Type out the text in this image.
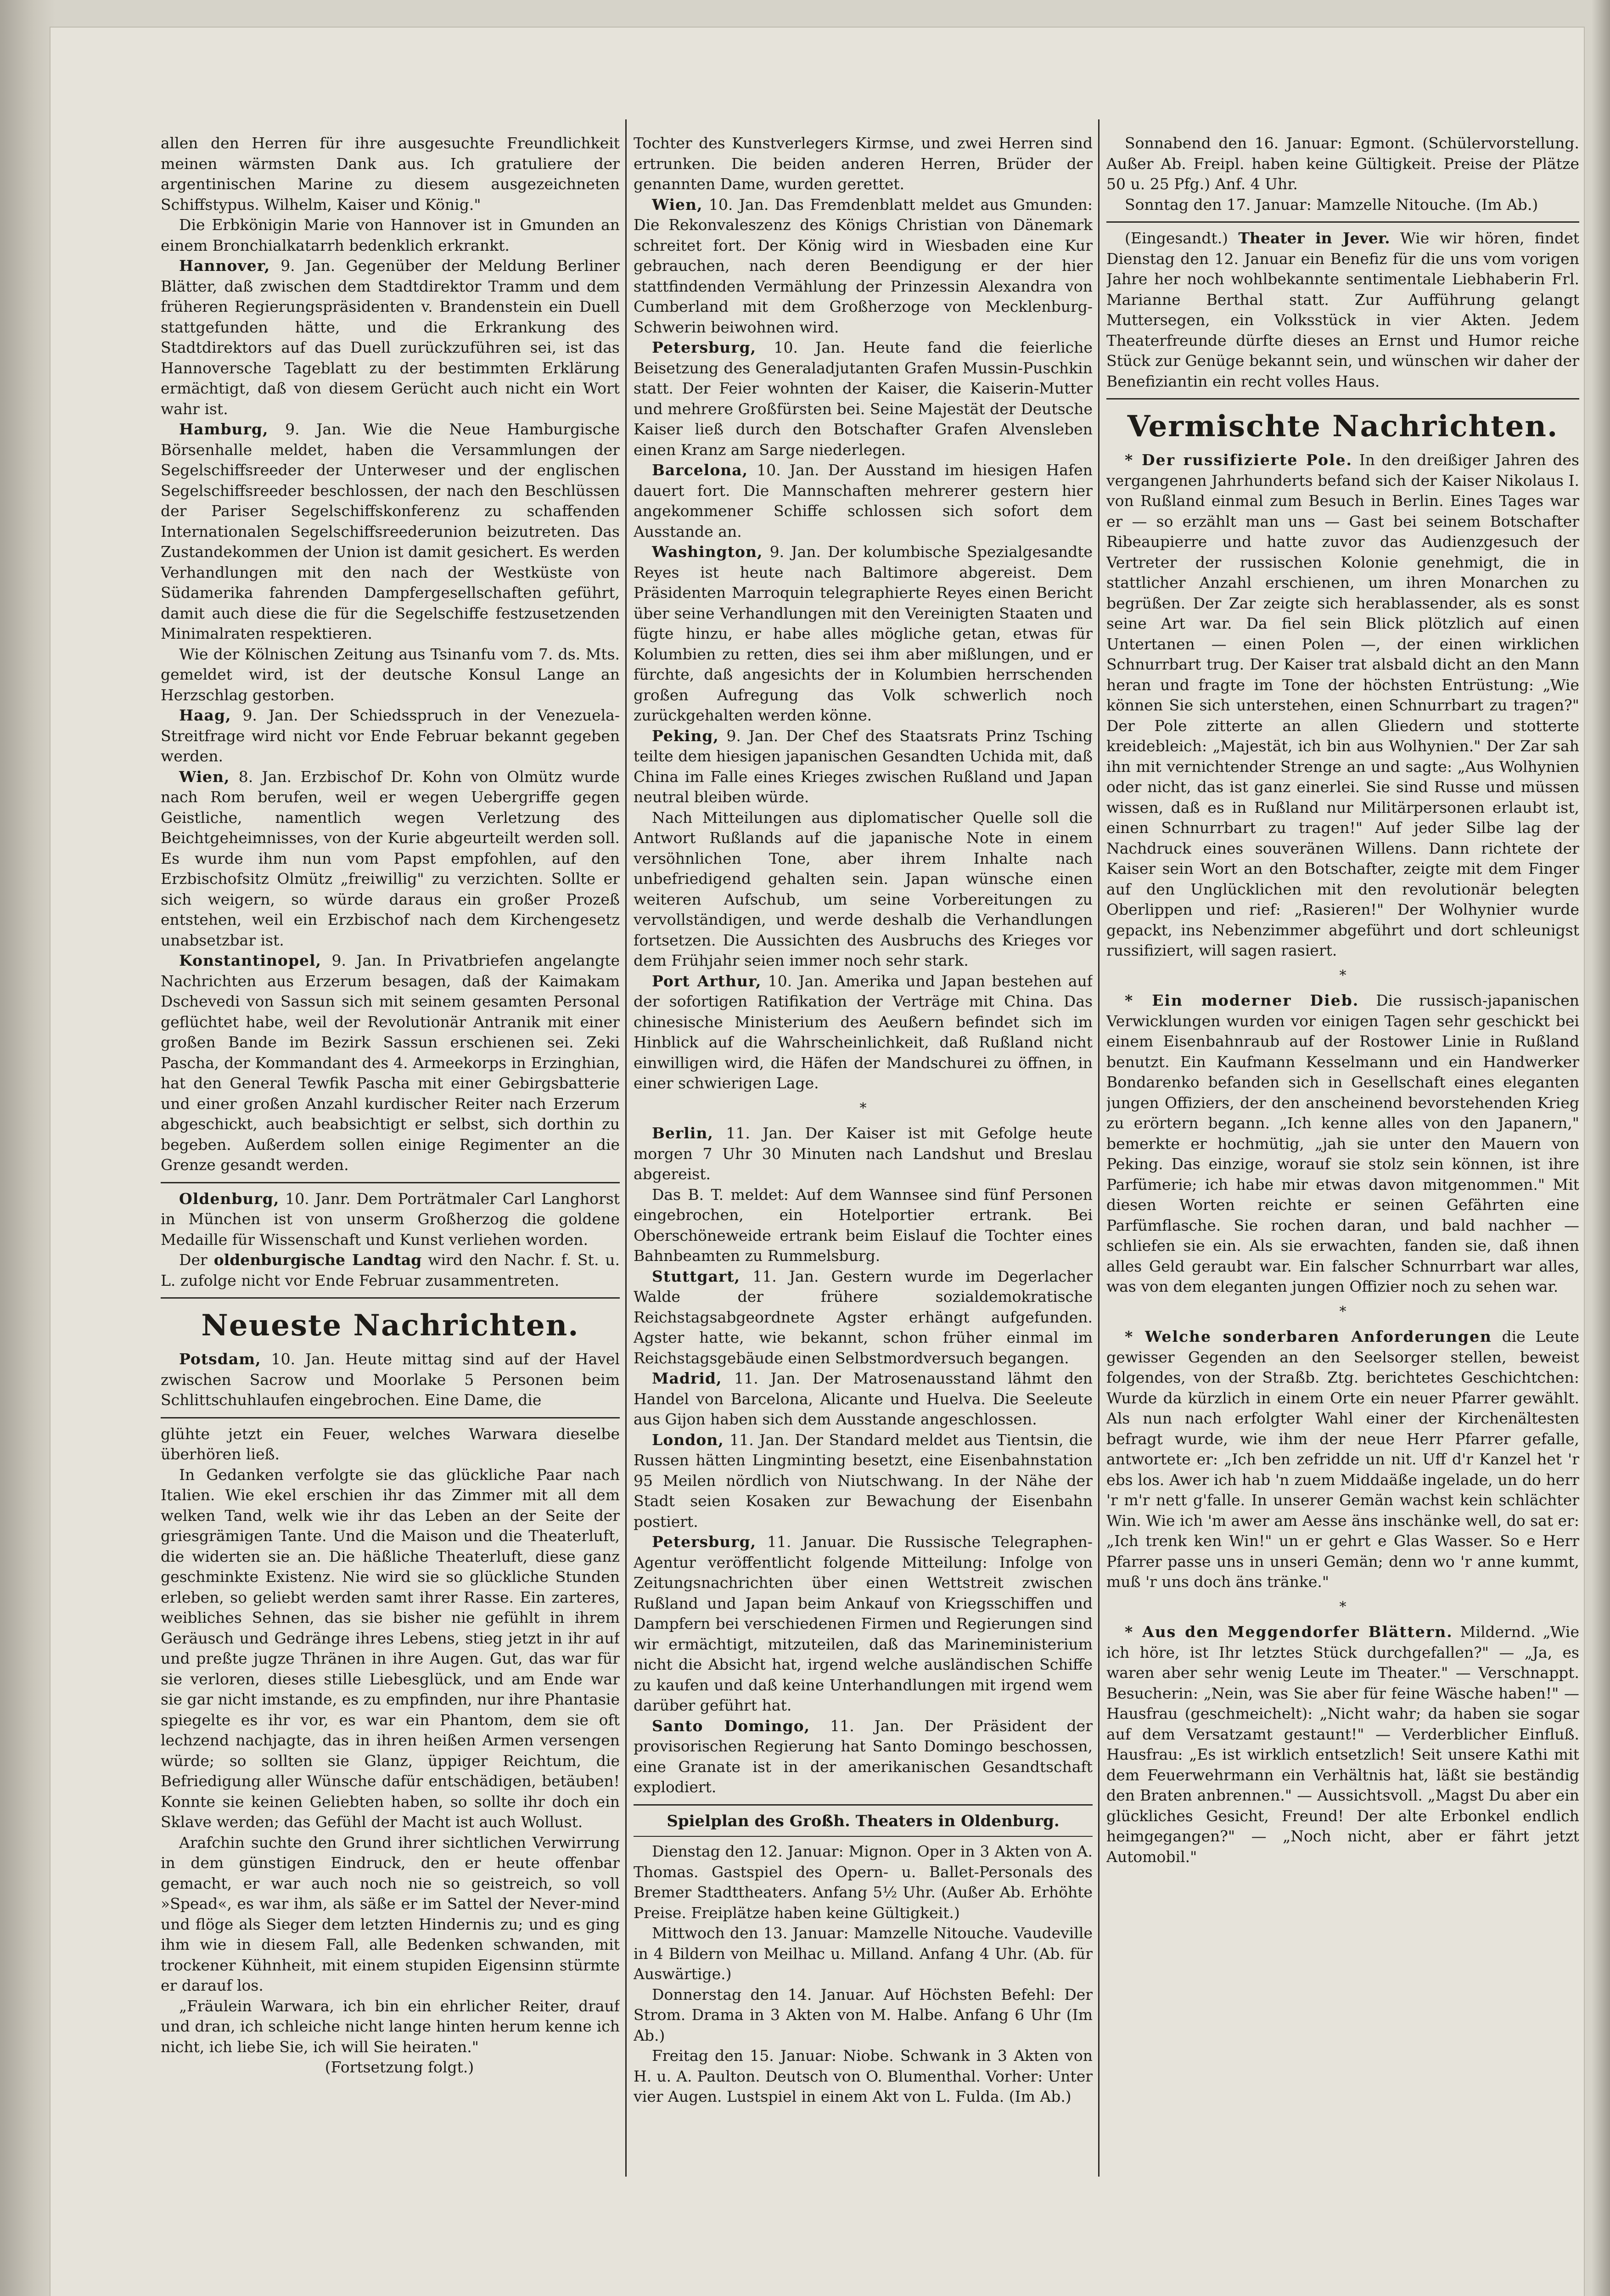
allen den Herren für ihre ausgesuchte Freundlichkeit meinen wärmsten Dank aus. Ich gratuliere der argentinischen Marine zu diesem ausgezeichneten Schiffstypus. Wilhelm, Kaiser und König."

Die Erbkönigin Marie von Hannover ist in Gmunden an einem Bronchialkatarrh bedenklich erkrankt.

Hannover, 9. Jan. Gegenüber der Meldung Berliner Blätter, daß zwischen dem Stadtdirektor Tramm und dem früheren Regierungspräsidenten v. Brandenstein ein Duell stattgefunden hätte, und die Erkrankung des Stadtdirektors auf das Duell zurückzuführen sei, ist das Hannoversche Tageblatt zu der bestimmten Erklärung ermächtigt, daß von diesem Gerücht auch nicht ein Wort wahr ist.

Hamburg, 9. Jan. Wie die Neue Hamburgische Börsenhalle meldet, haben die Versammlungen der Segelschiffsreeder der Unterweser und der englischen Segelschiffsreeder beschlossen, der nach den Beschlüssen der Pariser Segelschiffskonferenz zu schaffenden Internationalen Segelschiffsreederunion beizutreten. Das Zustandekommen der Union ist damit gesichert. Es werden Verhandlungen mit den nach der Westküste von Südamerika fahrenden Dampfergesellschaften geführt, damit auch diese die für die Segelschiffe festzusetzenden Minimalraten respektieren.

Wie der Kölnischen Zeitung aus Tsinanfu vom 7. ds. Mts. gemeldet wird, ist der deutsche Konsul Lange an Herzschlag gestorben.

Haag, 9. Jan. Der Schiedsspruch in der Venezuela-Streitfrage wird nicht vor Ende Februar bekannt gegeben werden.

Wien, 8. Jan. Erzbischof Dr. Kohn von Olmütz wurde nach Rom berufen, weil er wegen Uebergriffe gegen Geistliche, namentlich wegen Verletzung des Beichtgeheimnisses, von der Kurie abgeurteilt werden soll. Es wurde ihm nun vom Papst empfohlen, auf den Erzbischofsitz Olmütz „freiwillig" zu verzichten. Sollte er sich weigern, so würde daraus ein großer Prozeß entstehen, weil ein Erzbischof nach dem Kirchengesetz unabsetzbar ist.

Konstantinopel, 9. Jan. In Privatbriefen angelangte Nachrichten aus Erzerum besagen, daß der Kaimakam Dschevedi von Sassun sich mit seinem gesamten Personal geflüchtet habe, weil der Revolutionär Antranik mit einer großen Bande im Bezirk Sassun erschienen sei. Zeki Pascha, der Kommandant des 4. Armeekorps in Erzinghian, hat den General Tewfik Pascha mit einer Gebirgsbatterie und einer großen Anzahl kurdischer Reiter nach Erzerum abgeschickt, auch beabsichtigt er selbst, sich dorthin zu begeben. Außerdem sollen einige Regimenter an die Grenze gesandt werden.

Oldenburg, 10. Janr. Dem Porträtmaler Carl Langhorst in München ist von unserm Großherzog die goldene Medaille für Wissenschaft und Kunst verliehen worden.

Der oldenburgische Landtag wird den Nachr. f. St. u. L. zufolge nicht vor Ende Februar zusammentreten.

Neueste Nachrichten.

Potsdam, 10. Jan. Heute mittag sind auf der Havel zwischen Sacrow und Moorlake 5 Personen beim Schlittschuhlaufen eingebrochen. Eine Dame, die

glühte jetzt ein Feuer, welches Warwara dieselbe überhören ließ.

In Gedanken verfolgte sie das glückliche Paar nach Italien. Wie ekel erschien ihr das Zimmer mit all dem welken Tand, welk wie ihr das Leben an der Seite der griesgrämigen Tante. Und die Maison und die Theaterluft, die widerten sie an. Die häßliche Theaterluft, diese ganz geschminkte Existenz. Nie wird sie so glückliche Stunden erleben, so geliebt werden samt ihrer Rasse. Ein zarteres, weibliches Sehnen, das sie bisher nie gefühlt in ihrem Geräusch und Gedränge ihres Lebens, stieg jetzt in ihr auf und preßte jugze Thränen in ihre Augen. Gut, das war für sie verloren, dieses stille Liebesglück, und am Ende war sie gar nicht imstande, es zu empfinden, nur ihre Phantasie spiegelte es ihr vor, es war ein Phantom, dem sie oft lechzend nachjagte, das in ihren heißen Armen versengen würde; so sollten sie Glanz, üppiger Reichtum, die Befriedigung aller Wünsche dafür entschädigen, betäuben! Konnte sie keinen Geliebten haben, so sollte ihr doch ein Sklave werden; das Gefühl der Macht ist auch Wollust.

Arafchin suchte den Grund ihrer sichtlichen Verwirrung in dem günstigen Eindruck, den er heute offenbar gemacht, er war auch noch nie so geistreich, so voll »Spead«, es war ihm, als säße er im Sattel der Never-mind und flöge als Sieger dem letzten Hindernis zu; und es ging ihm wie in diesem Fall, alle Bedenken schwanden, mit trockener Kühnheit, mit einem stupiden Eigensinn stürmte er darauf los.

„Fräulein Warwara, ich bin ein ehrlicher Reiter, drauf und dran, ich schleiche nicht lange hinten herum kenne ich nicht, ich liebe Sie, ich will Sie heiraten."

(Fortsetzung folgt.)

Tochter des Kunstverlegers Kirmse, und zwei Herren sind ertrunken. Die beiden anderen Herren, Brüder der genannten Dame, wurden gerettet.

Wien, 10. Jan. Das Fremdenblatt meldet aus Gmunden: Die Rekonvaleszenz des Königs Christian von Dänemark schreitet fort. Der König wird in Wiesbaden eine Kur gebrauchen, nach deren Beendigung er der hier stattfindenden Vermählung der Prinzessin Alexandra von Cumberland mit dem Großherzoge von Mecklenburg-Schwerin beiwohnen wird.

Petersburg, 10. Jan. Heute fand die feierliche Beisetzung des Generaladjutanten Grafen Mussin-Puschkin statt. Der Feier wohnten der Kaiser, die Kaiserin-Mutter und mehrere Großfürsten bei. Seine Majestät der Deutsche Kaiser ließ durch den Botschafter Grafen Alvensleben einen Kranz am Sarge niederlegen.

Barcelona, 10. Jan. Der Ausstand im hiesigen Hafen dauert fort. Die Mannschaften mehrerer gestern hier angekommener Schiffe schlossen sich sofort dem Ausstande an.

Washington, 9. Jan. Der kolumbische Spezialgesandte Reyes ist heute nach Baltimore abgereist. Dem Präsidenten Marroquin telegraphierte Reyes einen Bericht über seine Verhandlungen mit den Vereinigten Staaten und fügte hinzu, er habe alles mögliche getan, etwas für Kolumbien zu retten, dies sei ihm aber mißlungen, und er fürchte, daß angesichts der in Kolumbien herrschenden großen Aufregung das Volk schwerlich noch zurückgehalten werden könne.

Peking, 9. Jan. Der Chef des Staatsrats Prinz Tsching teilte dem hiesigen japanischen Gesandten Uchida mit, daß China im Falle eines Krieges zwischen Rußland und Japan neutral bleiben würde.

Nach Mitteilungen aus diplomatischer Quelle soll die Antwort Rußlands auf die japanische Note in einem versöhnlichen Tone, aber ihrem Inhalte nach unbefriedigend gehalten sein. Japan wünsche einen weiteren Aufschub, um seine Vorbereitungen zu vervollständigen, und werde deshalb die Verhandlungen fortsetzen. Die Aussichten des Ausbruchs des Krieges vor dem Frühjahr seien immer noch sehr stark.

Port Arthur, 10. Jan. Amerika und Japan bestehen auf der sofortigen Ratifikation der Verträge mit China. Das chinesische Ministerium des Aeußern befindet sich im Hinblick auf die Wahrscheinlichkeit, daß Rußland nicht einwilligen wird, die Häfen der Mandschurei zu öffnen, in einer schwierigen Lage.

*

Berlin, 11. Jan. Der Kaiser ist mit Gefolge heute morgen 7 Uhr 30 Minuten nach Landshut und Breslau abgereist.

Das B. T. meldet: Auf dem Wannsee sind fünf Personen eingebrochen, ein Hotelportier ertrank. Bei Oberschöneweide ertrank beim Eislauf die Tochter eines Bahnbeamten zu Rummelsburg.

Stuttgart, 11. Jan. Gestern wurde im Degerlacher Walde der frühere sozialdemokratische Reichstagsabgeordnete Agster erhängt aufgefunden. Agster hatte, wie bekannt, schon früher einmal im Reichstagsgebäude einen Selbstmordversuch begangen.

Madrid, 11. Jan. Der Matrosenausstand lähmt den Handel von Barcelona, Alicante und Huelva. Die Seeleute aus Gijon haben sich dem Ausstande angeschlossen.

London, 11. Jan. Der Standard meldet aus Tientsin, die Russen hätten Lingminting besetzt, eine Eisenbahnstation 95 Meilen nördlich von Niutschwang. In der Nähe der Stadt seien Kosaken zur Bewachung der Eisenbahn postiert.

Petersburg, 11. Januar. Die Russische Telegraphen-Agentur veröffentlicht folgende Mitteilung: Infolge von Zeitungsnachrichten über einen Wettstreit zwischen Rußland und Japan beim Ankauf von Kriegsschiffen und Dampfern bei verschiedenen Firmen und Regierungen sind wir ermächtigt, mitzuteilen, daß das Marineministerium nicht die Absicht hat, irgend welche ausländischen Schiffe zu kaufen und daß keine Unterhandlungen mit irgend wem darüber geführt hat.

Santo Domingo, 11. Jan. Der Präsident der provisorischen Regierung hat Santo Domingo beschossen, eine Granate ist in der amerikanischen Gesandtschaft explodiert.

Spielplan des Großh. Theaters in Oldenburg.

Dienstag den 12. Januar: Mignon. Oper in 3 Akten von A. Thomas. Gastspiel des Opern- u. Ballet-Personals des Bremer Stadttheaters. Anfang 5½ Uhr. (Außer Ab. Erhöhte Preise. Freiplätze haben keine Gültigkeit.)

Mittwoch den 13. Januar: Mamzelle Nitouche. Vaudeville in 4 Bildern von Meilhac u. Milland. Anfang 4 Uhr. (Ab. für Auswärtige.)

Donnerstag den 14. Januar. Auf Höchsten Befehl: Der Strom. Drama in 3 Akten von M. Halbe. Anfang 6 Uhr (Im Ab.)

Freitag den 15. Januar: Niobe. Schwank in 3 Akten von H. u. A. Paulton. Deutsch von O. Blumenthal. Vorher: Unter vier Augen. Lustspiel in einem Akt von L. Fulda. (Im Ab.)

Sonnabend den 16. Januar: Egmont. (Schülervorstellung. Außer Ab. Freipl. haben keine Gültigkeit. Preise der Plätze 50 u. 25 Pfg.) Anf. 4 Uhr.

Sonntag den 17. Januar: Mamzelle Nitouche. (Im Ab.)

(Eingesandt.) Theater in Jever. Wie wir hören, findet Dienstag den 12. Januar ein Benefiz für die uns vom vorigen Jahre her noch wohlbekannte sentimentale Liebhaberin Frl. Marianne Berthal statt. Zur Aufführung gelangt Muttersegen, ein Volksstück in vier Akten. Jedem Theaterfreunde dürfte dieses an Ernst und Humor reiche Stück zur Genüge bekannt sein, und wünschen wir daher der Benefiziantin ein recht volles Haus.

Vermischte Nachrichten.

* Der russifizierte Pole. In den dreißiger Jahren des vergangenen Jahrhunderts befand sich der Kaiser Nikolaus I. von Rußland einmal zum Besuch in Berlin. Eines Tages war er — so erzählt man uns — Gast bei seinem Botschafter Ribeaupierre und hatte zuvor das Audienzgesuch der Vertreter der russischen Kolonie genehmigt, die in stattlicher Anzahl erschienen, um ihren Monarchen zu begrüßen. Der Zar zeigte sich herablassender, als es sonst seine Art war. Da fiel sein Blick plötzlich auf einen Untertanen — einen Polen —, der einen wirklichen Schnurrbart trug. Der Kaiser trat alsbald dicht an den Mann heran und fragte im Tone der höchsten Entrüstung: „Wie können Sie sich unterstehen, einen Schnurrbart zu tragen?" Der Pole zitterte an allen Gliedern und stotterte kreidebleich: „Majestät, ich bin aus Wolhynien." Der Zar sah ihn mit vernichtender Strenge an und sagte: „Aus Wolhynien oder nicht, das ist ganz einerlei. Sie sind Russe und müssen wissen, daß es in Rußland nur Militärpersonen erlaubt ist, einen Schnurrbart zu tragen!" Auf jeder Silbe lag der Nachdruck eines souveränen Willens. Dann richtete der Kaiser sein Wort an den Botschafter, zeigte mit dem Finger auf den Unglücklichen mit den revolutionär belegten Oberlippen und rief: „Rasieren!" Der Wolhynier wurde gepackt, ins Nebenzimmer abgeführt und dort schleunigst russifiziert, will sagen rasiert.

*

* Ein moderner Dieb. Die russisch-japanischen Verwicklungen wurden vor einigen Tagen sehr geschickt bei einem Eisenbahnraub auf der Rostower Linie in Rußland benutzt. Ein Kaufmann Kesselmann und ein Handwerker Bondarenko befanden sich in Gesellschaft eines eleganten jungen Offiziers, der den anscheinend bevorstehenden Krieg zu erörtern begann. „Ich kenne alles von den Japanern," bemerkte er hochmütig, „jah sie unter den Mauern von Peking. Das einzige, worauf sie stolz sein können, ist ihre Parfümerie; ich habe mir etwas davon mitgenommen." Mit diesen Worten reichte er seinen Gefährten eine Parfümflasche. Sie rochen daran, und bald nachher — schliefen sie ein. Als sie erwachten, fanden sie, daß ihnen alles Geld geraubt war. Ein falscher Schnurrbart war alles, was von dem eleganten jungen Offizier noch zu sehen war.

*

* Welche sonderbaren Anforderungen die Leute gewisser Gegenden an den Seelsorger stellen, beweist folgendes, von der Straßb. Ztg. berichtetes Geschichtchen: Wurde da kürzlich in einem Orte ein neuer Pfarrer gewählt. Als nun nach erfolgter Wahl einer der Kirchenältesten befragt wurde, wie ihm der neue Herr Pfarrer gefalle, antwortete er: „Ich ben zefridde un nit. Uff d'r Kanzel het 'r ebs los. Awer ich hab 'n zuem Middaäße ingelade, un do herr 'r m'r nett g'falle. In unserer Gemän wachst kein schlächter Win. Wie ich 'm awer am Aesse äns inschänke well, do sat er: „Ich trenk ken Win!" un er gehrt e Glas Wasser. So e Herr Pfarrer passe uns in unseri Gemän; denn wo 'r anne kummt, muß 'r uns doch äns tränke."

*

* Aus den Meggendorfer Blättern. Mildernd. „Wie ich höre, ist Ihr letztes Stück durchgefallen?" — „Ja, es waren aber sehr wenig Leute im Theater." — Verschnappt. Besucherin: „Nein, was Sie aber für feine Wäsche haben!" — Hausfrau (geschmeichelt): „Nicht wahr; da haben sie sogar auf dem Versatzamt gestaunt!" — Verderblicher Einfluß. Hausfrau: „Es ist wirklich entsetzlich! Seit unsere Kathi mit dem Feuerwehrmann ein Verhältnis hat, läßt sie beständig den Braten anbrennen." — Aussichtsvoll. „Magst Du aber ein glückliches Gesicht, Freund! Der alte Erbonkel endlich heimgegangen?" — „Noch nicht, aber er fährt jetzt Automobil."
